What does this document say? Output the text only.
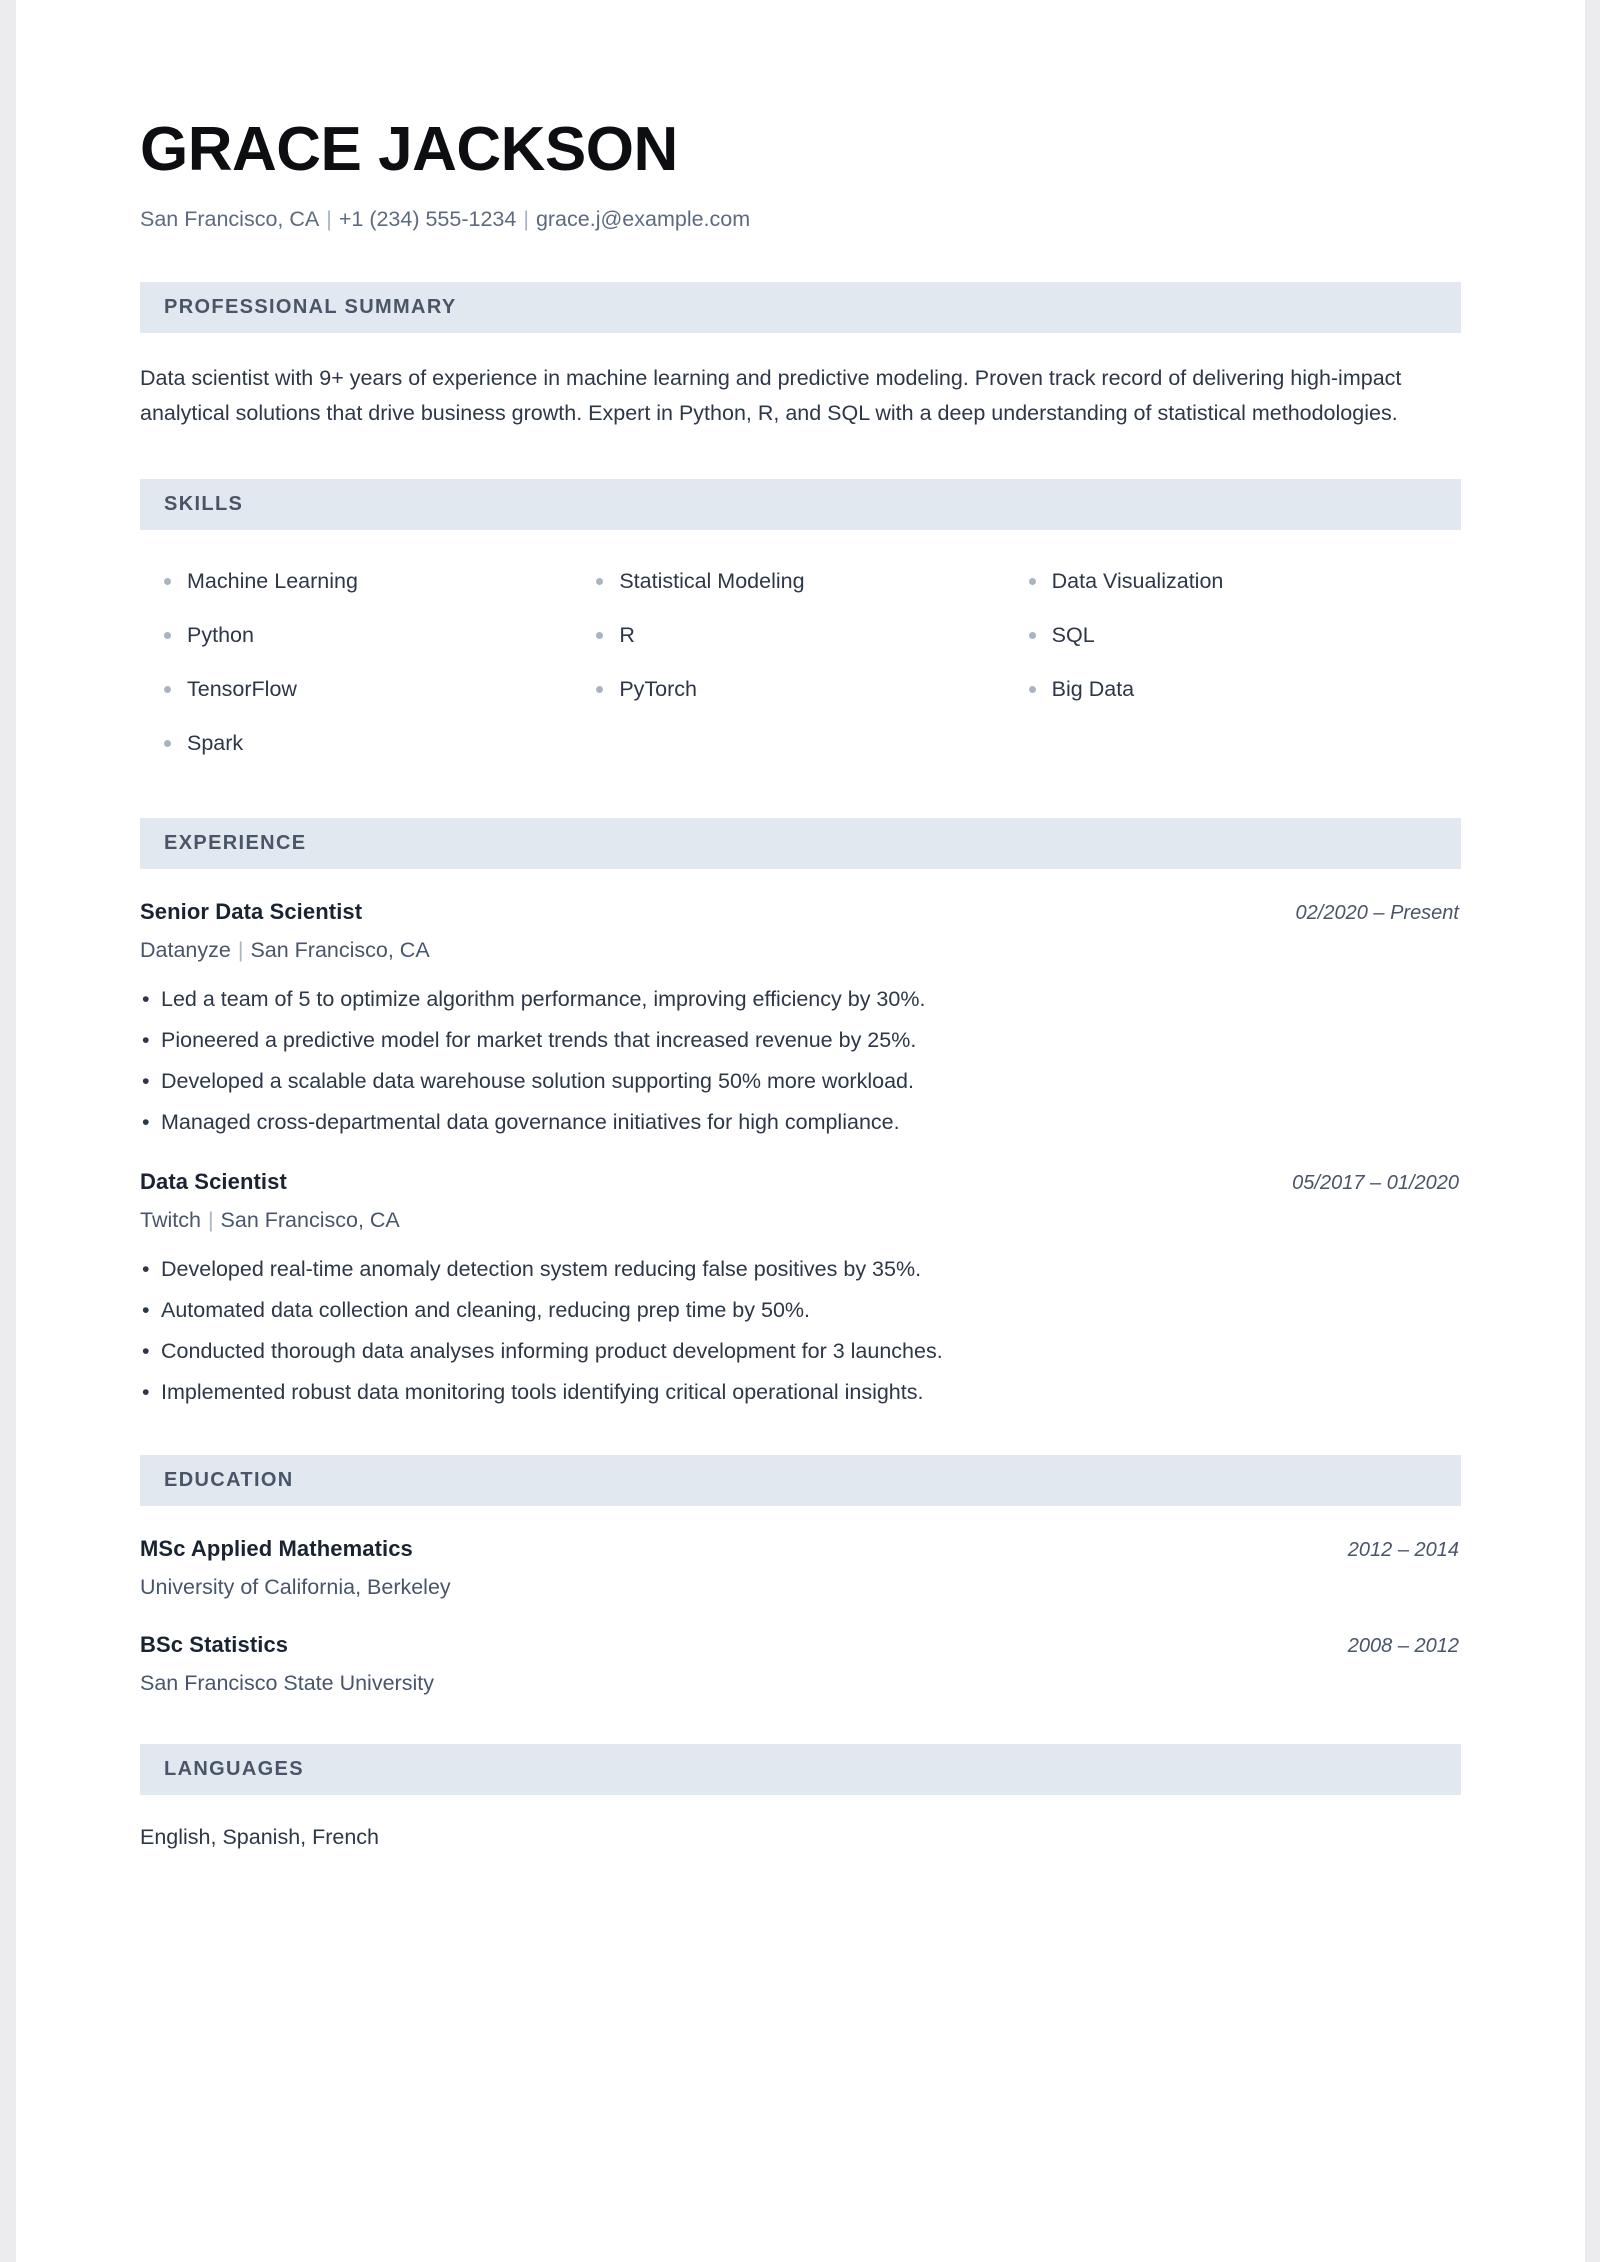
GRACE JACKSON

San Francisco, CA | +1 (234) 555-1234 | grace.j@example.com

PROFESSIONAL SUMMARY

Data scientist with 9+ years of experience in machine learning and predictive modeling. Proven track record of delivering high-impact analytical solutions that drive business growth. Expert in Python, R, and SQL with a deep understanding of statistical methodologies.

SKILLS
Machine Learning
Python
TensorFlow
Spark
Statistical Modeling
R
PyTorch
Data Visualization
SQL
Big Data
EXPERIENCE
Senior Data Scientist	02/2020 – Present
Datanyze | San Francisco, CA
• Led a team of 5 to optimize algorithm performance, improving efficiency by 30%.
• Pioneered a predictive model for market trends that increased revenue by 25%.
• Developed a scalable data warehouse solution supporting 50% more workload.
• Managed cross-departmental data governance initiatives for high compliance.
Data Scientist	05/2017 – 01/2020
Twitch | San Francisco, CA
• Developed real-time anomaly detection system reducing false positives by 35%.
• Automated data collection and cleaning, reducing prep time by 50%.
• Conducted thorough data analyses informing product development for 3 launches.
• Implemented robust data monitoring tools identifying critical operational insights.
EDUCATION
MSc Applied Mathematics	2012 – 2014
University of California, Berkeley
BSc Statistics	2008 – 2012
San Francisco State University
LANGUAGES

English, Spanish, French
